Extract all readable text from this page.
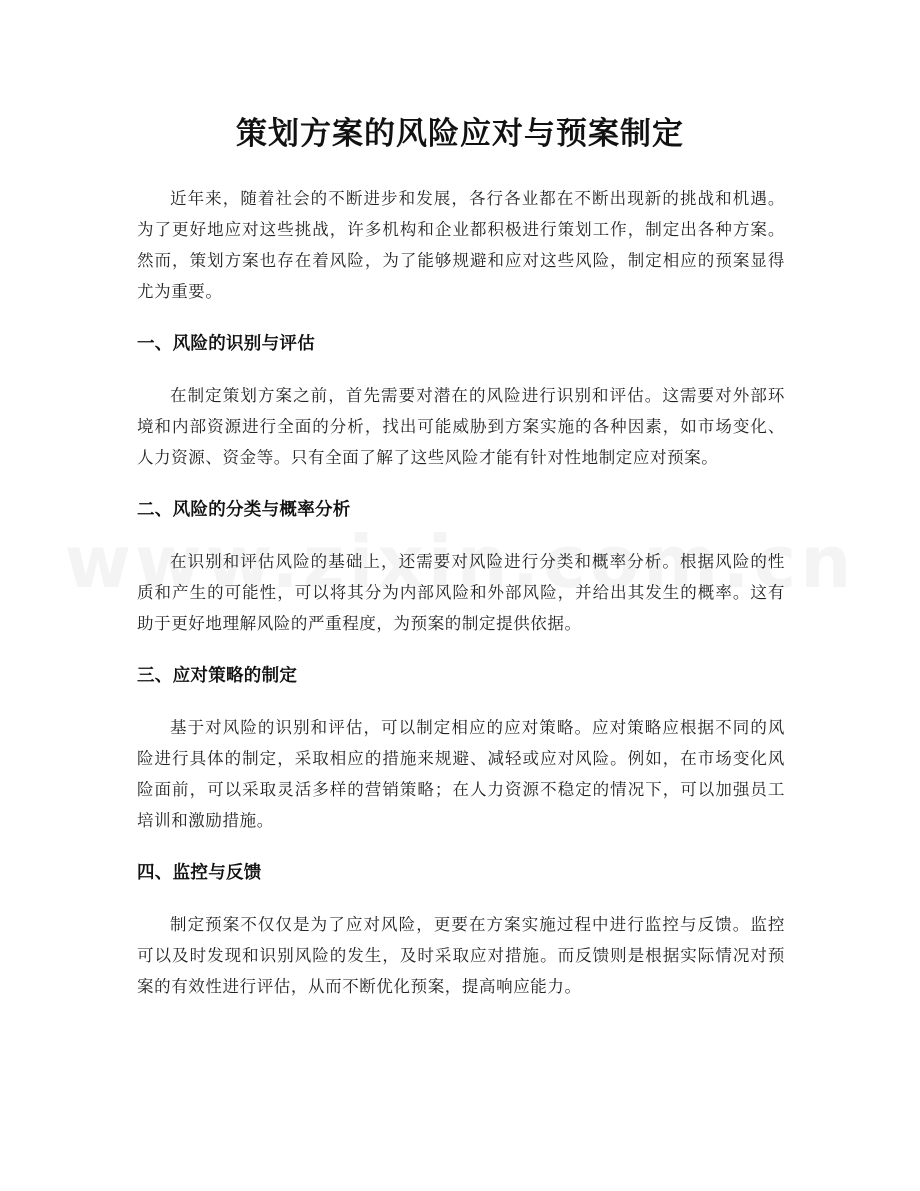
策划方案的风险应对与预案制定

近年来，随着社会的不断进步和发展，各行各业都在不断出现新的挑战和机遇。为了更好地应对这些挑战，许多机构和企业都积极进行策划工作，制定出各种方案。然而，策划方案也存在着风险，为了能够规避和应对这些风险，制定相应的预案显得尤为重要。

一、风险的识别与评估

在制定策划方案之前，首先需要对潜在的风险进行识别和评估。这需要对外部环境和内部资源进行全面的分析，找出可能威胁到方案实施的各种因素，如市场变化、人力资源、资金等。只有全面了解了这些风险才能有针对性地制定应对预案。

二、风险的分类与概率分析

在识别和评估风险的基础上，还需要对风险进行分类和概率分析。根据风险的性质和产生的可能性，可以将其分为内部风险和外部风险，并给出其发生的概率。这有助于更好地理解风险的严重程度，为预案的制定提供依据。

三、应对策略的制定

基于对风险的识别和评估，可以制定相应的应对策略。应对策略应根据不同的风险进行具体的制定，采取相应的措施来规避、减轻或应对风险。例如，在市场变化风险面前，可以采取灵活多样的营销策略；在人力资源不稳定的情况下，可以加强员工培训和激励措施。

四、监控与反馈

制定预案不仅仅是为了应对风险，更要在方案实施过程中进行监控与反馈。监控可以及时发现和识别风险的发生，及时采取应对措施。而反馈则是根据实际情况对预案的有效性进行评估，从而不断优化预案，提高响应能力。
